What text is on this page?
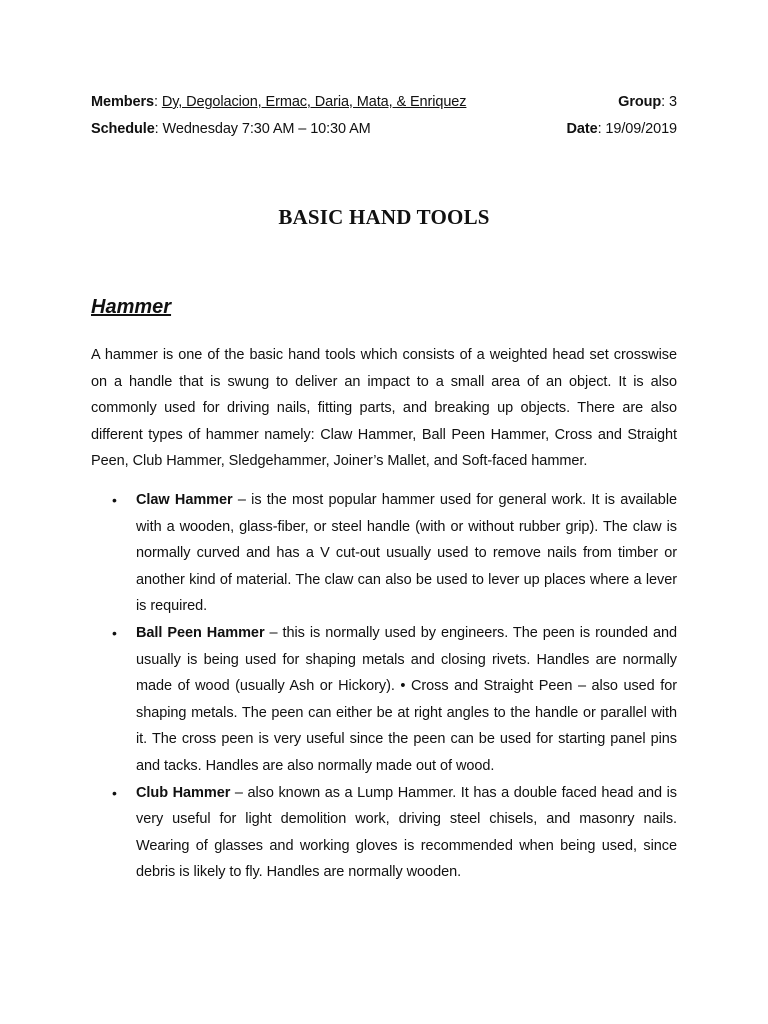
Members: Dy, Degolacion, Ermac, Daria, Mata, & Enriquez	Group: 3
Schedule: Wednesday 7:30 AM – 10:30 AM	Date: 19/09/2019
BASIC HAND TOOLS
Hammer

A hammer is one of the basic hand tools which consists of a weighted head set crosswise on a handle that is swung to deliver an impact to a small area of an object. It is also commonly used for driving nails, fitting parts, and breaking up objects. There are also different types of hammer namely: Claw Hammer, Ball Peen Hammer, Cross and Straight Peen, Club Hammer, Sledgehammer, Joiner’s Mallet, and Soft-faced hammer.

• Claw Hammer – is the most popular hammer used for general work. It is available with a wooden, glass-fiber, or steel handle (with or without rubber grip). The claw is normally curved and has a V cut-out usually used to remove nails from timber or another kind of material. The claw can also be used to lever up places where a lever is required.
• Ball Peen Hammer – this is normally used by engineers. The peen is rounded and usually is being used for shaping metals and closing rivets. Handles are normally made of wood (usually Ash or Hickory). • Cross and Straight Peen – also used for shaping metals. The peen can either be at right angles to the handle or parallel with it. The cross peen is very useful since the peen can be used for starting panel pins and tacks. Handles are also normally made out of wood.
• Club Hammer – also known as a Lump Hammer. It has a double faced head and is very useful for light demolition work, driving steel chisels, and masonry nails. Wearing of glasses and working gloves is recommended when being used, since debris is likely to fly. Handles are normally wooden.
